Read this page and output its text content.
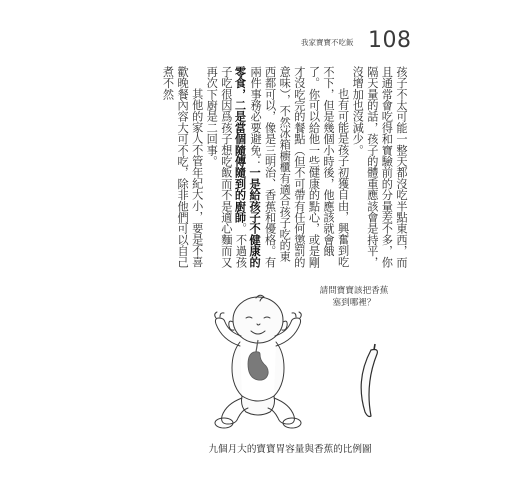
我家寶寶不吃飯 108

孩子不太可能一整天都沒吃半點東西，而且通常會吃得和寶驗前的分量差不多，你隔天量的話，孩子的體重應該會是持平，沒增加也沒減少。

也有可能是孩子初獲自由，興奮到吃不下，但是幾個小時後，他應該就會餓了。你可以給他一些健康的點心，或是剛才沒吃完的餐點（但不可帶有任何懲罰的意味），不然冰箱櫥櫃有適合孩子吃的東西都可以，像是三明治、香蕉和優格。有兩件事務必要避免：一是給孩子不健康的零食，二是當個隨傳隨到的廚師。不過孩子吃很因爲孩子想吃飯而不是適心麵而又再次下廚是二回事。

其他的家人不管年紀大小，要是不喜歡晚餐內容大可不吃，除非他們可以自己煮不然

請問寶寶該把香蕉
塞到哪裡？
九個月大的寶寶胃容量與香蕉的比例圖
